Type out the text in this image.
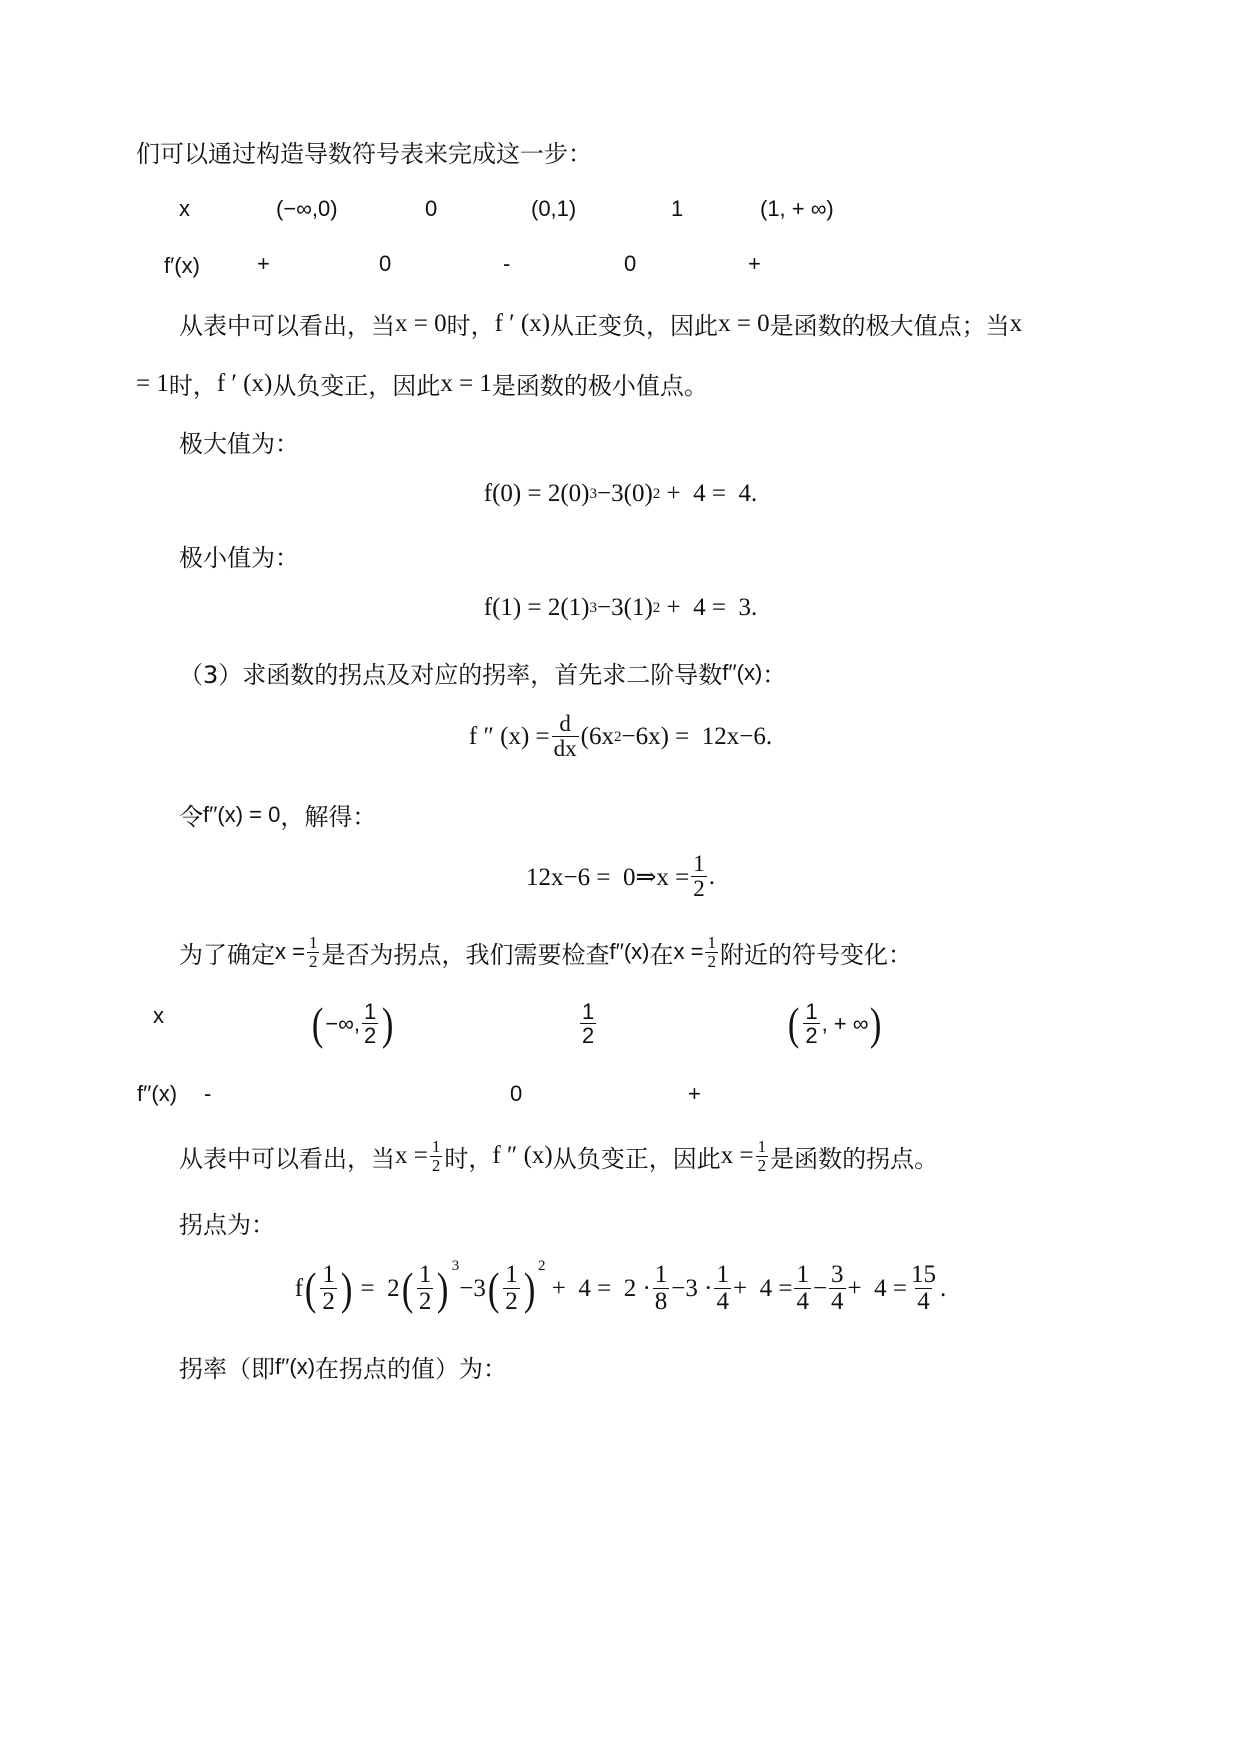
们可以通过构造导数符号表来完成这一步：
x	(−∞,0)	0	(0,1)	1	(1, + ∞)
f′(x)	+	0	-	0	+
从表中可以看出，当 x = 0 时， f ′ (x) 从正变负，因此 x = 0 是函数的极大值点；当 x
= 1 时， f ′ (x) 从负变正，因此 x = 1 是函数的极小值点。
极大值为：
f(0) = 2(0) 3 −3(0) 2 +  4 =  4.
极小值为：
f(1) = 2(1) 3 −3(1) 2 +  4 =  3.
（3）求函数的拐点及对应的拐率，首先求二阶导数 f′′(x) ：
f ″ $(x) = \frac{d}{dx} (6x$ 2 −6x) =  12x−6.
令 f′′(x) = 0 ，解得：
12x−6 =  0⇒x = $\frac{1}{2}$ .
为了确定 $x = \frac{1}{2}$ 是否为拐点，我们需要检查 f′′(x) 在 $x = \frac{1}{2}$ 附近的符号变化：
x	( −∞, $\frac{1}{2}$ )	$\frac{1}{2}$	( $\frac{1}{2}$ , + ∞ )
f′′(x) -	0	+
从表中可以看出，当 $x = \frac{1}{2}$ 时， f ″ (x) 从负变正，因此 $x = \frac{1}{2}$ 是函数的拐点。
拐点为：
f ( $\frac{1}{2}$ ) =  2 ( $\frac{1}{2}$ ) 3
−3 ( $\frac{1}{2}$ ) 2
+  $4 = 2 \cdot \frac{1}{8} -3 \cdot \frac{1}{4} + 4 = \frac{1}{4} - \frac{3}{4} + 4 = \frac{15}{4}$ .
拐率（即 f′′(x) 在拐点的值）为：
